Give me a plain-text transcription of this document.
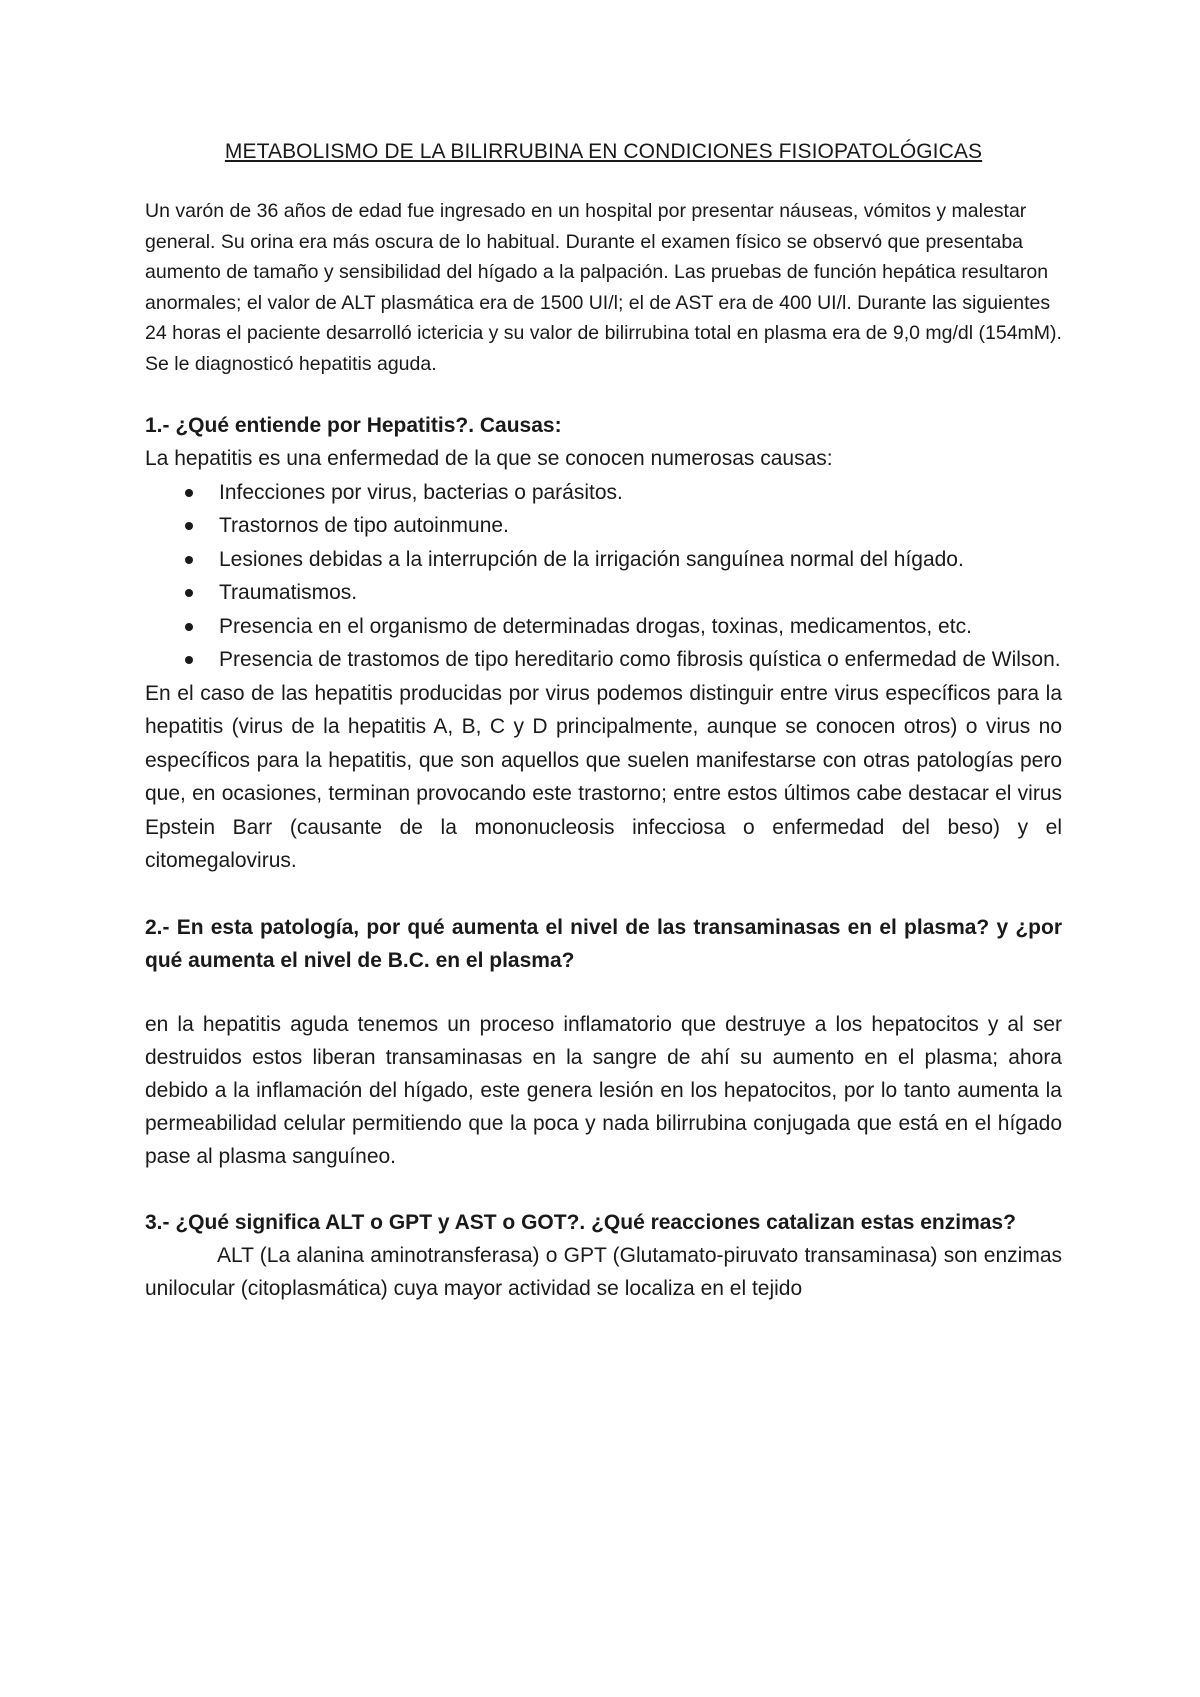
METABOLISMO DE LA BILIRRUBINA EN CONDICIONES FISIOPATOLÓGICAS

Un varón de 36 años de edad fue ingresado en un hospital por presentar náuseas, vómitos y malestar general. Su orina era más oscura de lo habitual. Durante el examen físico se observó que presentaba aumento de tamaño y sensibilidad del hígado a la palpación. Las pruebas de función hepática resultaron anormales; el valor de ALT plasmática era de 1500 UI/l; el de AST era de 400 UI/l. Durante las siguientes 24 horas el paciente desarrolló ictericia y su valor de bilirrubina total en plasma era de 9,0 mg/dl (154mM). Se le diagnosticó hepatitis aguda.

1.- ¿Qué entiende por Hepatitis?. Causas:

La hepatitis es una enfermedad de la que se conocen numerosas causas:

Infecciones por virus, bacterias o parásitos.
Trastornos de tipo autoinmune.
Lesiones debidas a la interrupción de la irrigación sanguínea normal del hígado.
Traumatismos.
Presencia en el organismo de determinadas drogas, toxinas, medicamentos, etc.
Presencia de trastomos de tipo hereditario como fibrosis quística o enfermedad de Wilson.

En el caso de las hepatitis producidas por virus podemos distinguir entre virus específicos para la hepatitis (virus de la hepatitis A, B, C y D principalmente, aunque se conocen otros) o virus no específicos para la hepatitis, que son aquellos que suelen manifestarse con otras patologías pero que, en ocasiones, terminan provocando este trastorno; entre estos últimos cabe destacar el virus Epstein Barr (causante de la mononucleosis infecciosa o enfermedad del beso) y el citomegalovirus.

2.- En esta patología, por qué aumenta el nivel de las transaminasas en el plasma? y ¿por qué aumenta el nivel de B.C. en el plasma?

en la hepatitis aguda tenemos un proceso inflamatorio que destruye a los hepatocitos y al ser destruidos estos liberan transaminasas en la sangre de ahí su aumento en el plasma; ahora debido a la inflamación del hígado, este genera lesión en los hepatocitos, por lo tanto aumenta la permeabilidad celular permitiendo que la poca y nada bilirrubina conjugada que está en el hígado pase al plasma sanguíneo.

3.- ¿Qué significa ALT o GPT y AST o GOT?. ¿Qué reacciones catalizan estas enzimas?

ALT (La alanina aminotransferasa) o GPT (Glutamato-piruvato transaminasa) son enzimas unilocular (citoplasmática) cuya mayor actividad se localiza en el tejido
